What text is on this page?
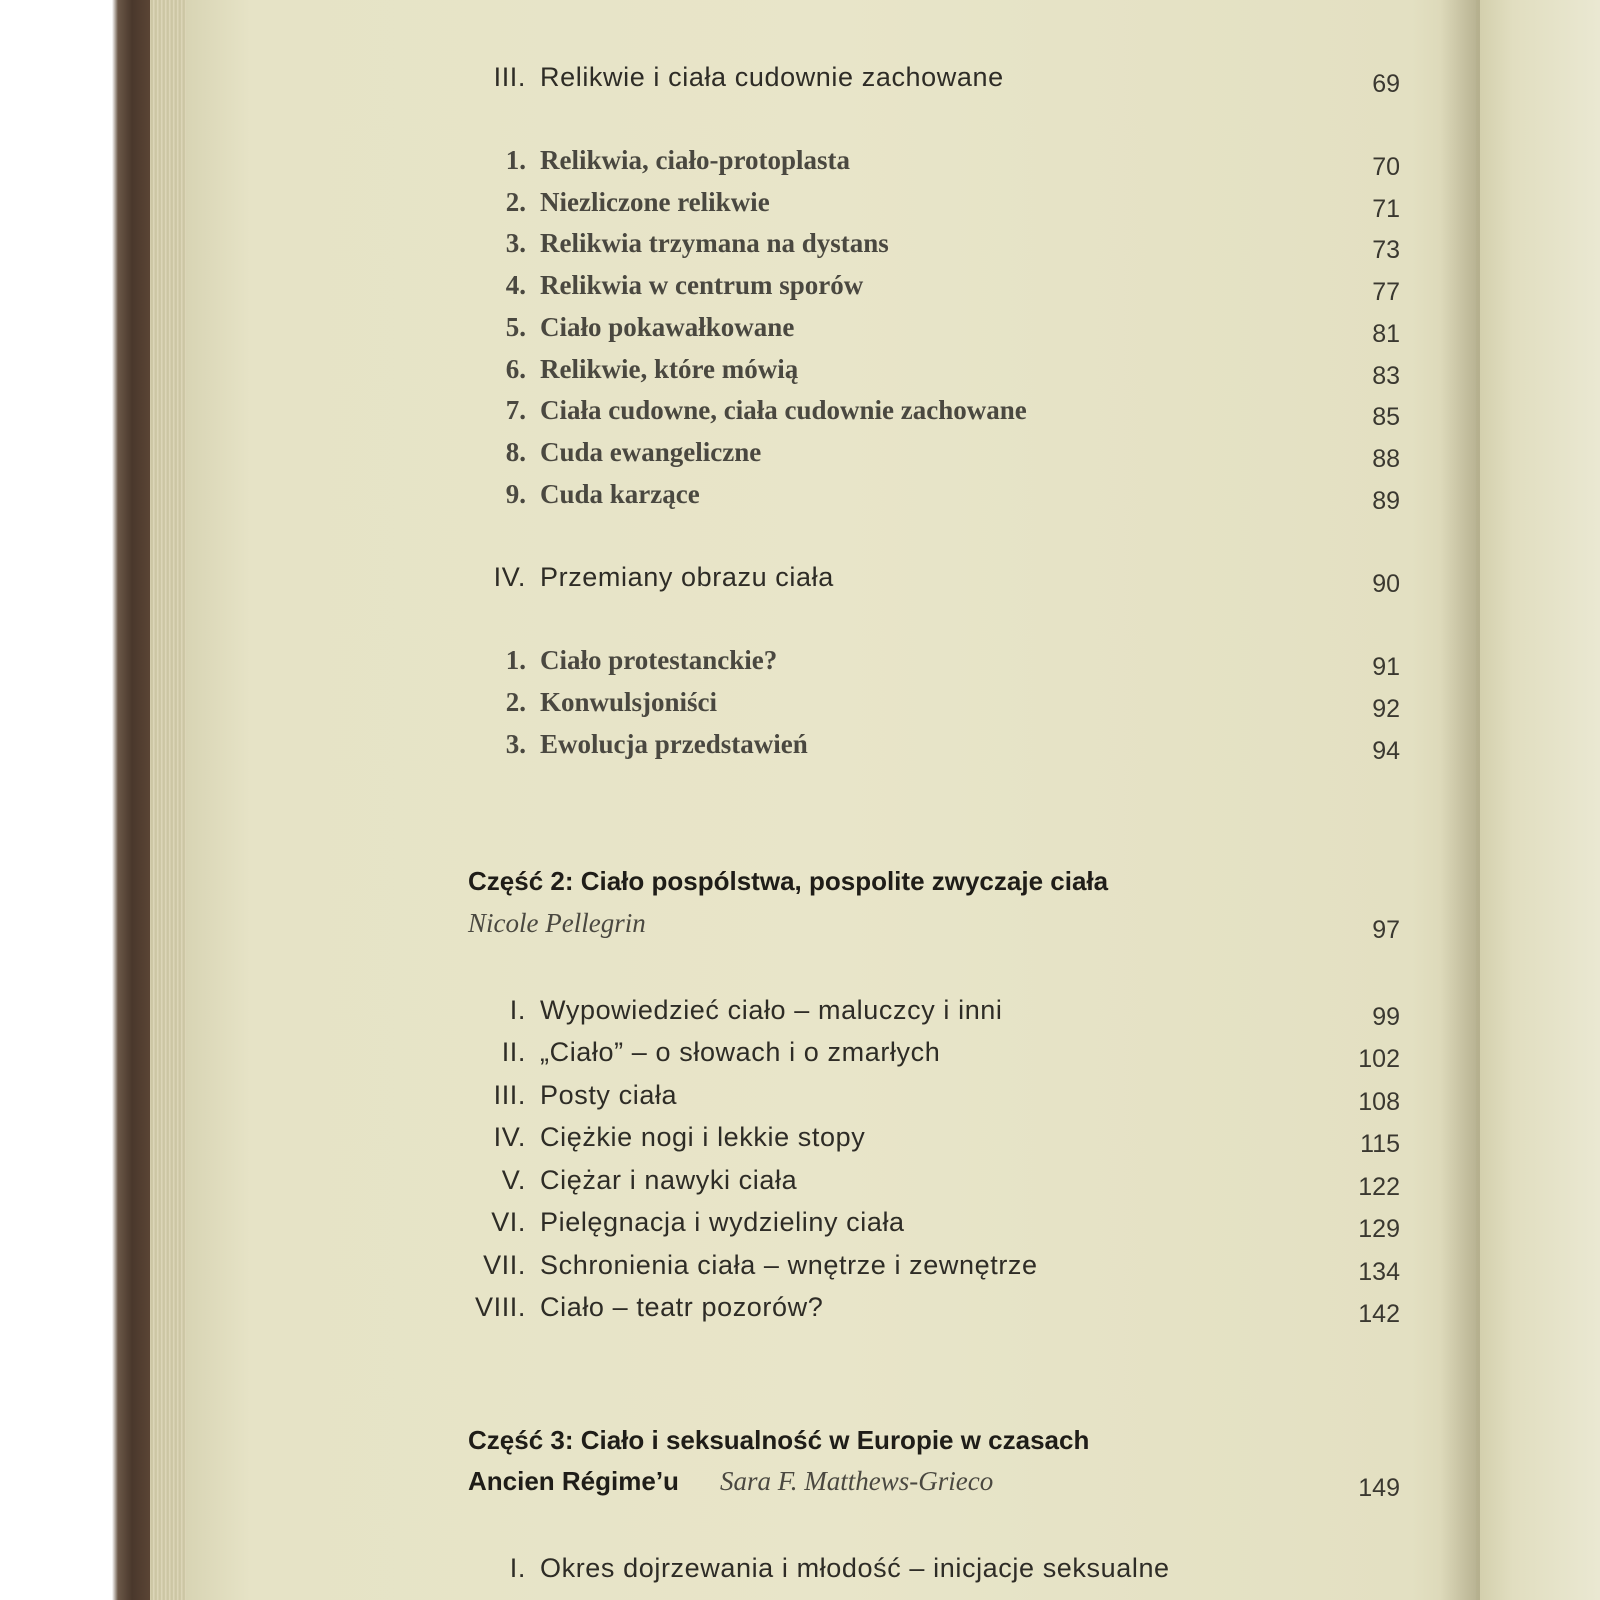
III. Relikwie i ciała cudownie zachowane	69
1. Relikwia, ciało-protoplasta	70
2. Niezliczone relikwie	71
3. Relikwia trzymana na dystans	73
4. Relikwia w centrum sporów	77
5. Ciało pokawałkowane	81
6. Relikwie, które mówią	83
7. Ciała cudowne, ciała cudownie zachowane	85
8. Cuda ewangeliczne	88
9. Cuda karzące	89
IV. Przemiany obrazu ciała	90
1. Ciało protestanckie?	91
2. Konwulsjoniści	92
3. Ewolucja przedstawień	94
Część 2: Ciało pospólstwa, pospolite zwyczaje ciała
Nicole Pellegrin	97
I. Wypowiedzieć ciało – maluczcy i inni	99
II. „Ciało” – o słowach i o zmarłych	102
III. Posty ciała	108
IV. Ciężkie nogi i lekkie stopy	115
V. Ciężar i nawyki ciała	122
VI. Pielęgnacja i wydzieliny ciała	129
VII. Schronienia ciała – wnętrze i zewnętrze	134
VIII. Ciało – teatr pozorów?	142
Część 3: Ciało i seksualność w Europie w czasach
Ancien Régime’u Sara F. Matthews-Grieco	149
I. Okres dojrzewania i młodość – inicjacje seksualne
